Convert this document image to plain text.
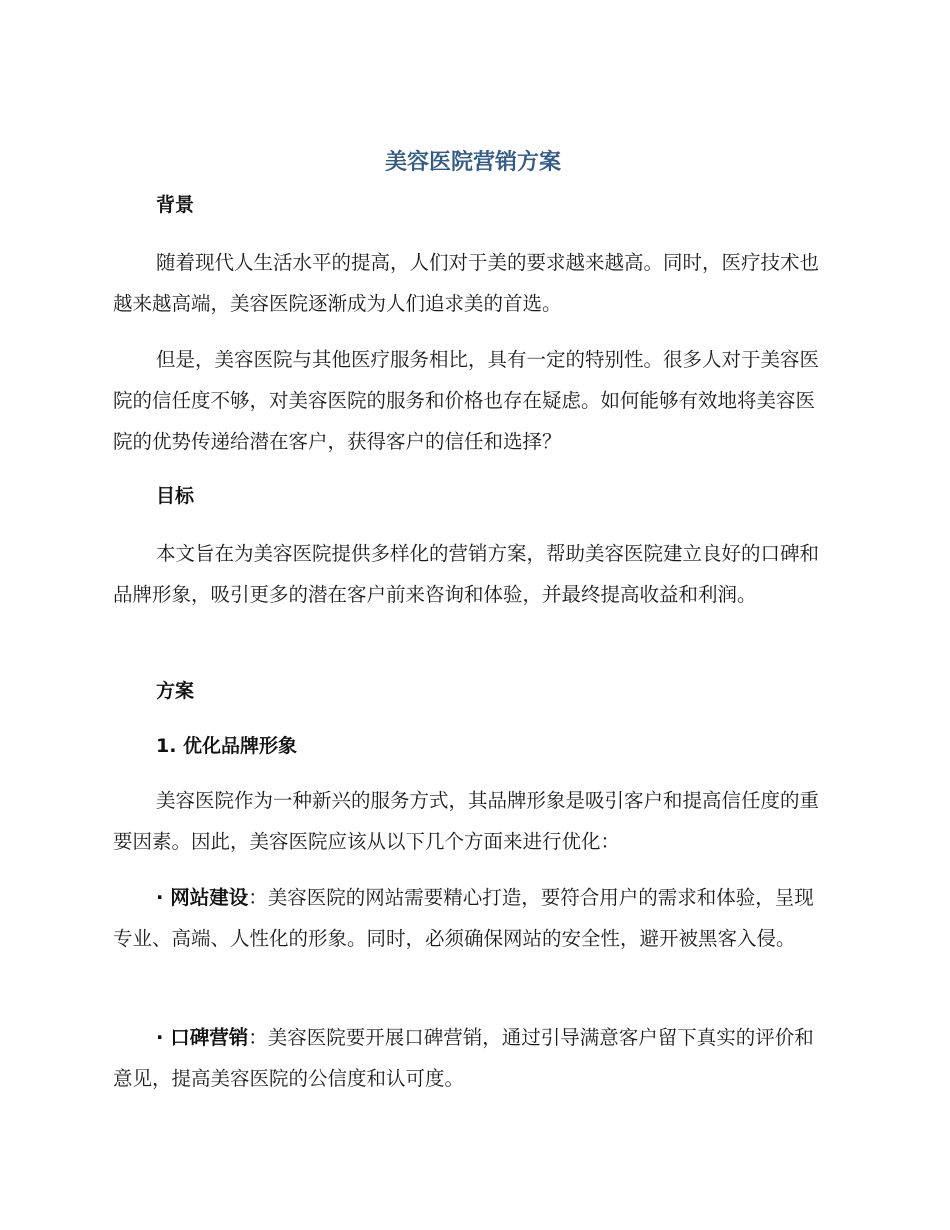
美容医院营销方案
背景

随着现代人生活水平的提高，人们对于美的要求越来越高。同时，医疗技术也越来越高端，美容医院逐渐成为人们追求美的首选。

但是，美容医院与其他医疗服务相比，具有一定的特别性。很多人对于美容医院的信任度不够，对美容医院的服务和价格也存在疑虑。如何能够有效地将美容医院的优势传递给潜在客户，获得客户的信任和选择？

目标

本文旨在为美容医院提供多样化的营销方案，帮助美容医院建立良好的口碑和品牌形象，吸引更多的潜在客户前来咨询和体验，并最终提高收益和利润。

方案
1. 优化品牌形象

美容医院作为一种新兴的服务方式，其品牌形象是吸引客户和提高信任度的重要因素。因此，美容医院应该从以下几个方面来进行优化：

· 网站建设：美容医院的网站需要精心打造，要符合用户的需求和体验，呈现专业、高端、人性化的形象。同时，必须确保网站的安全性，避开被黑客入侵。

· 口碑营销：美容医院要开展口碑营销，通过引导满意客户留下真实的评价和意见，提高美容医院的公信度和认可度。
